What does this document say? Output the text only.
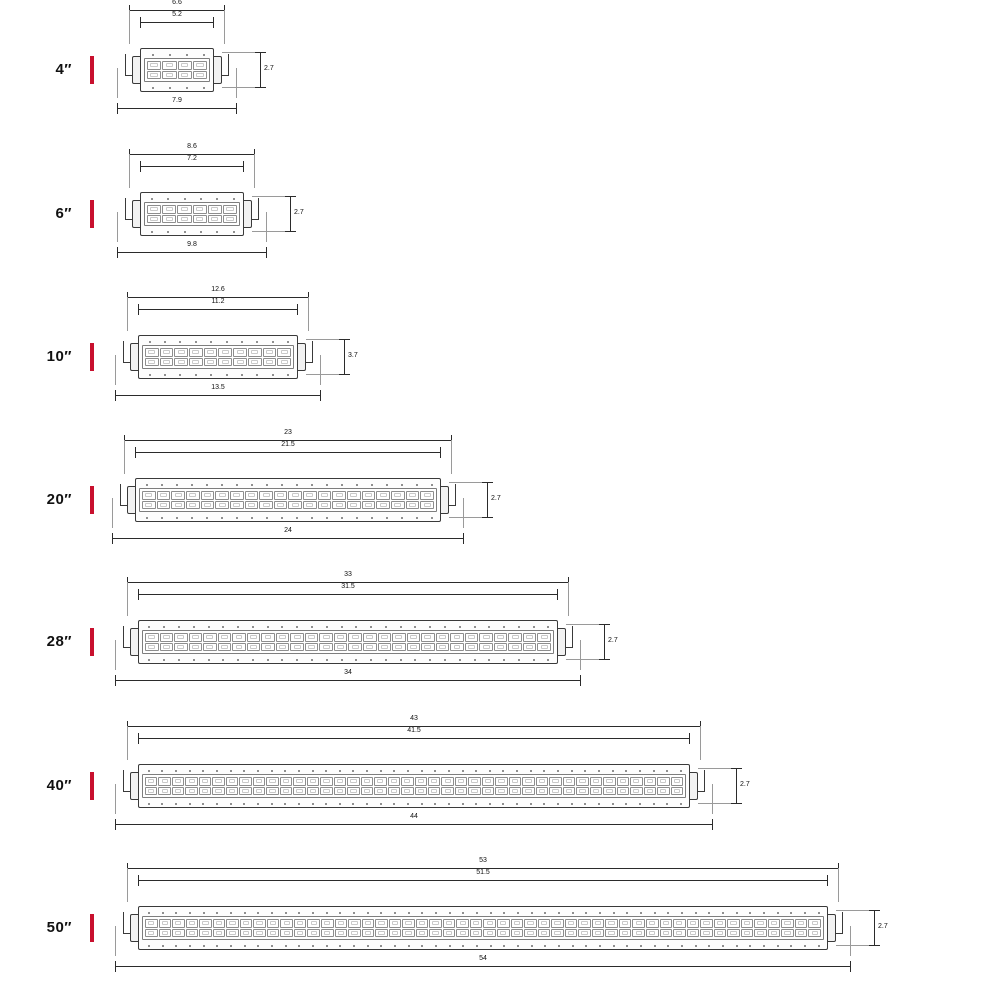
4″
6.6
5.2
7.9
2.7
6″
8.6
7.2
9.8
2.7
10″
12.6
11.2
13.5
3.7
20″
23
21.5
24
2.7
28″
33
31.5
34
2.7
40″
43
41.5
44
2.7
50″
53
51.5
54
2.7
